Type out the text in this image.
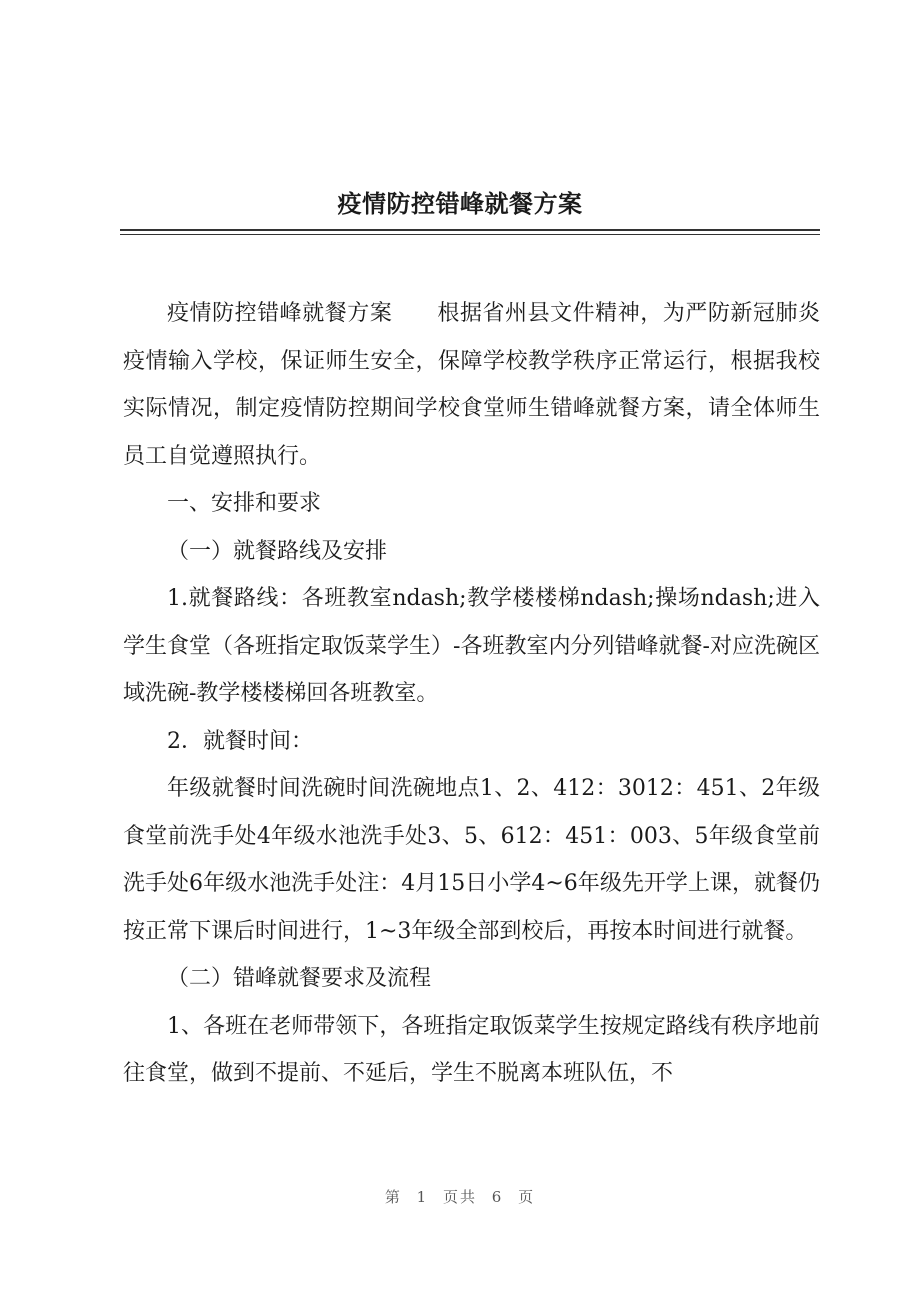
疫情防控错峰就餐方案

疫情防控错峰就餐方案　　根据省州县文件精神，为严防新冠肺炎疫情输入学校，保证师生安全，保障学校教学秩序正常运行，根据我校实际情况，制定疫情防控期间学校食堂师生错峰就餐方案，请全体师生员工自觉遵照执行。

一、安排和要求

（一）就餐路线及安排

1.就餐路线：各班教室ndash;教学楼楼梯ndash;操场ndash;进入学生食堂（各班指定取饭菜学生）-各班教室内分列错峰就餐-对应洗碗区域洗碗-教学楼楼梯回各班教室。

2．就餐时间：

年级就餐时间洗碗时间洗碗地点1、2、412：3012：451、2年级食堂前洗手处4年级水池洗手处3、5、612：451：003、5年级食堂前洗手处6年级水池洗手处注：4月15日小学4~6年级先开学上课，就餐仍按正常下课后时间进行，1~3年级全部到校后，再按本时间进行就餐。

（二）错峰就餐要求及流程

1、各班在老师带领下，各班指定取饭菜学生按规定路线有秩序地前往食堂，做到不提前、不延后，学生不脱离本班队伍，不

第 1 页共 6 页
